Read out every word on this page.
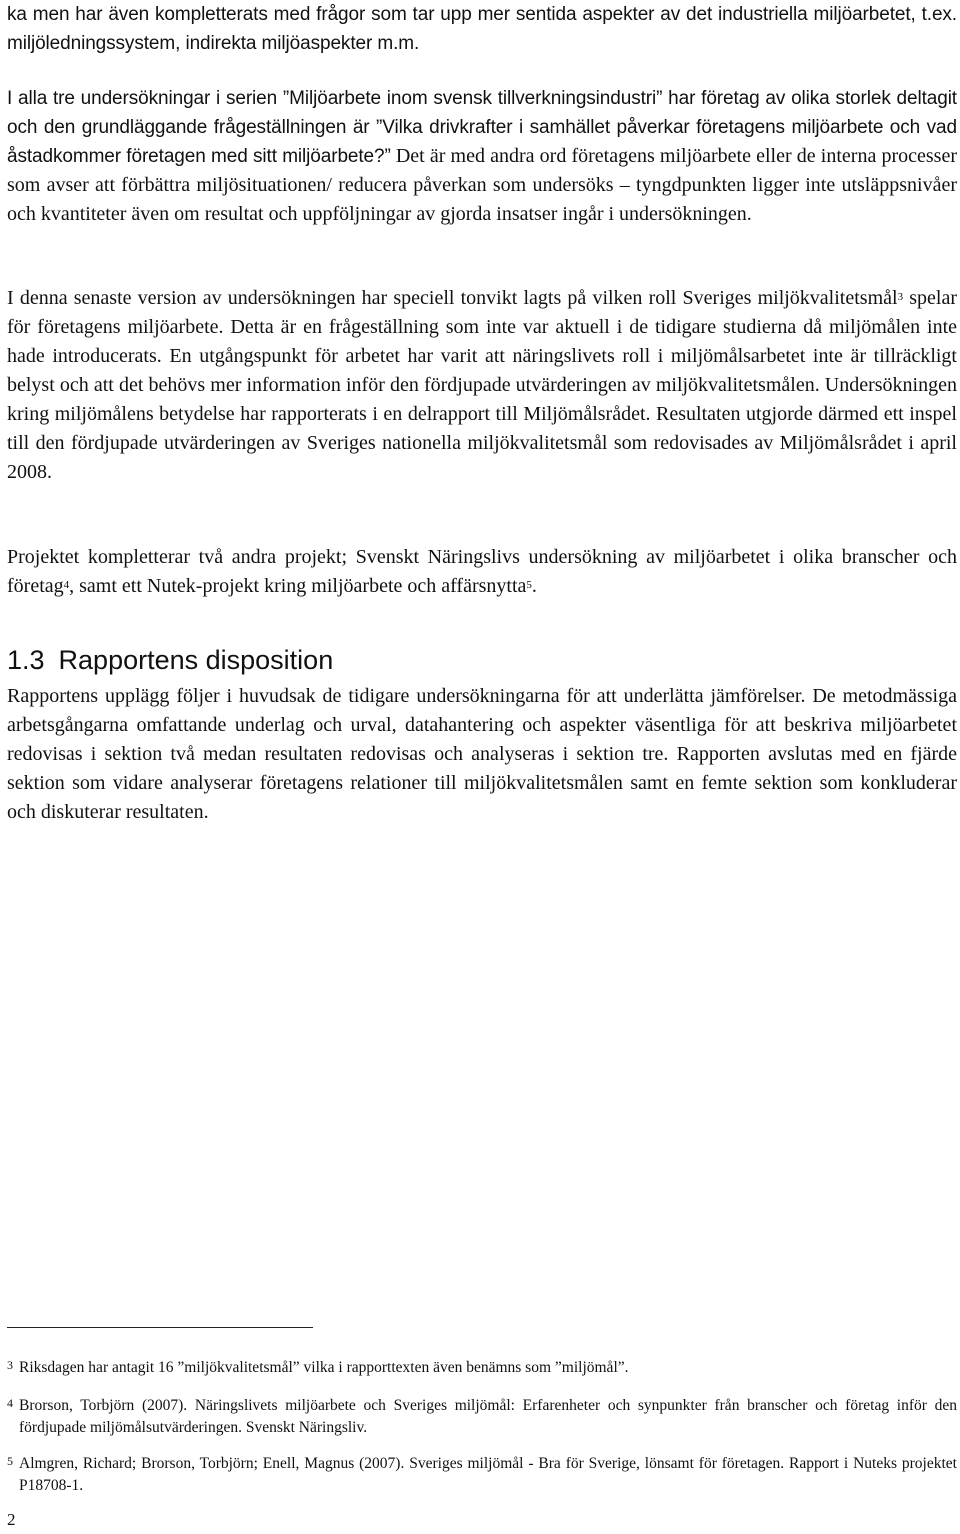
ka men har även kompletterats med frågor som tar upp mer sentida aspekter av det industriella miljöarbetet, t.ex. miljöledningssystem, indirekta miljöaspekter m.m.
I alla tre undersökningar i serien ”Miljöarbete inom svensk tillverkningsindustri” har företag av olika storlek deltagit och den grundläggande frågeställningen är ”Vilka drivkrafter i samhället påverkar företagens miljöarbete och vad åstadkommer företagen med sitt miljöarbete?” Det är med andra ord företagens miljöarbete eller de interna processer som avser att förbättra miljösituationen/ reducera påverkan som undersöks – tyngdpunkten ligger inte utsläppsnivåer och kvantiteter även om resultat och uppföljningar av gjorda insatser ingår i undersökningen.
I denna senaste version av undersökningen har speciell tonvikt lagts på vilken roll Sveriges miljökvalitetsmål$^3$ spelar för företagens miljöarbete. Detta är en frågeställning som inte var aktuell i de tidigare studierna då miljömålen inte hade introducerats. En utgångspunkt för arbetet har varit att näringslivets roll i miljömålsarbetet inte är tillräckligt belyst och att det behövs mer information inför den fördjupade utvärderingen av miljökvalitetsmålen. Undersökningen kring miljömålens betydelse har rapporterats i en delrapport till Miljömålsrådet. Resultaten utgjorde därmed ett inspel till den fördjupade utvärderingen av Sveriges nationella miljökvalitetsmål som redovisades av Miljömålsrådet i april 2008.
Projektet kompletterar två andra projekt; Svenskt Näringslivs undersökning av miljöarbetet i olika branscher och företag$^4$, samt ett Nutek-projekt kring miljöarbete och affärsnytta$^5$.
1.3 Rapportens disposition
Rapportens upplägg följer i huvudsak de tidigare undersökningarna för att underlätta jämförelser. De metodmässiga arbetsgångarna omfattande underlag och urval, datahantering och aspekter väsentliga för att beskriva miljöarbetet redovisas i sektion två medan resultaten redovisas och analyseras i sektion tre. Rapporten avslutas med en fjärde sektion som vidare analyserar företagens relationer till miljökvalitetsmålen samt en femte sektion som konkluderar och diskuterar resultaten.
3 Riksdagen har antagit 16 ”miljökvalitetsmål” vilka i rapporttexten även benämns som ”miljömål”.
4 Brorson, Torbjörn (2007). Näringslivets miljöarbete och Sveriges miljömål: Erfarenheter och synpunkter från branscher och företag inför den fördjupade miljömålsutvärderingen. Svenskt Näringsliv.
5 Almgren, Richard; Brorson, Torbjörn; Enell, Magnus (2007). Sveriges miljömål - Bra för Sverige, lönsamt för företagen. Rapport i Nuteks projektet P18708-1.
2
